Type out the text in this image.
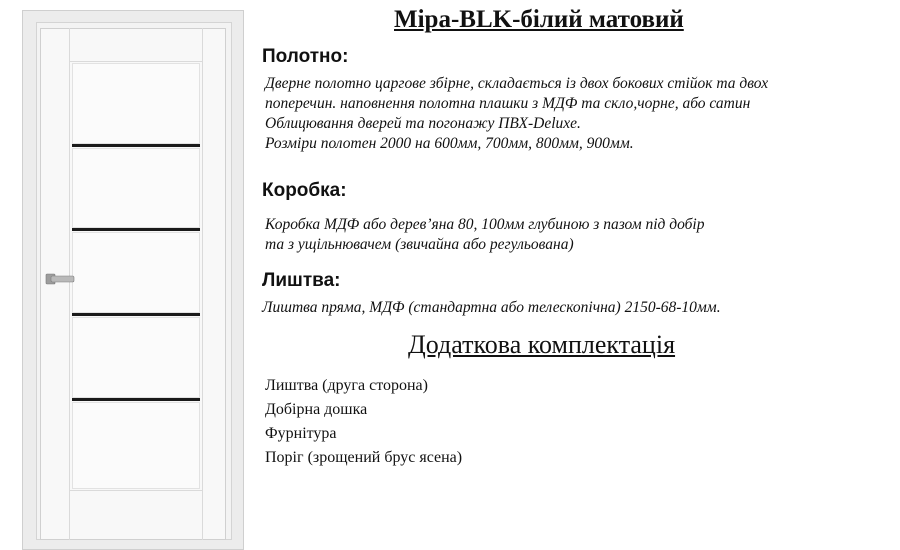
Міра-BLK-білий матовий
Полотно:
Дверне полотно царгове збірне, складається із двох бокових стійок та двох
поперечин. наповнення полотна плашки з МДФ та скло,чорне, або сатин
Облицювання дверей та погонажу ПВХ-Deluxe.
Розміри полотен 2000 на 600мм, 700мм, 800мм, 900мм.
Коробка:
Коробка МДФ або дерев’яна 80, 100мм глубиною з пазом під добір
та з ущільнювачем (звичайна або регульована)
Лиштва:
Лиштва пряма, МДФ (стандартна або телескопічна) 2150-68-10мм.
Додаткова комплектація
Лиштва (друга сторона)
Добірна дошка
Фурнітура
Поріг (зрощений брус ясена)
